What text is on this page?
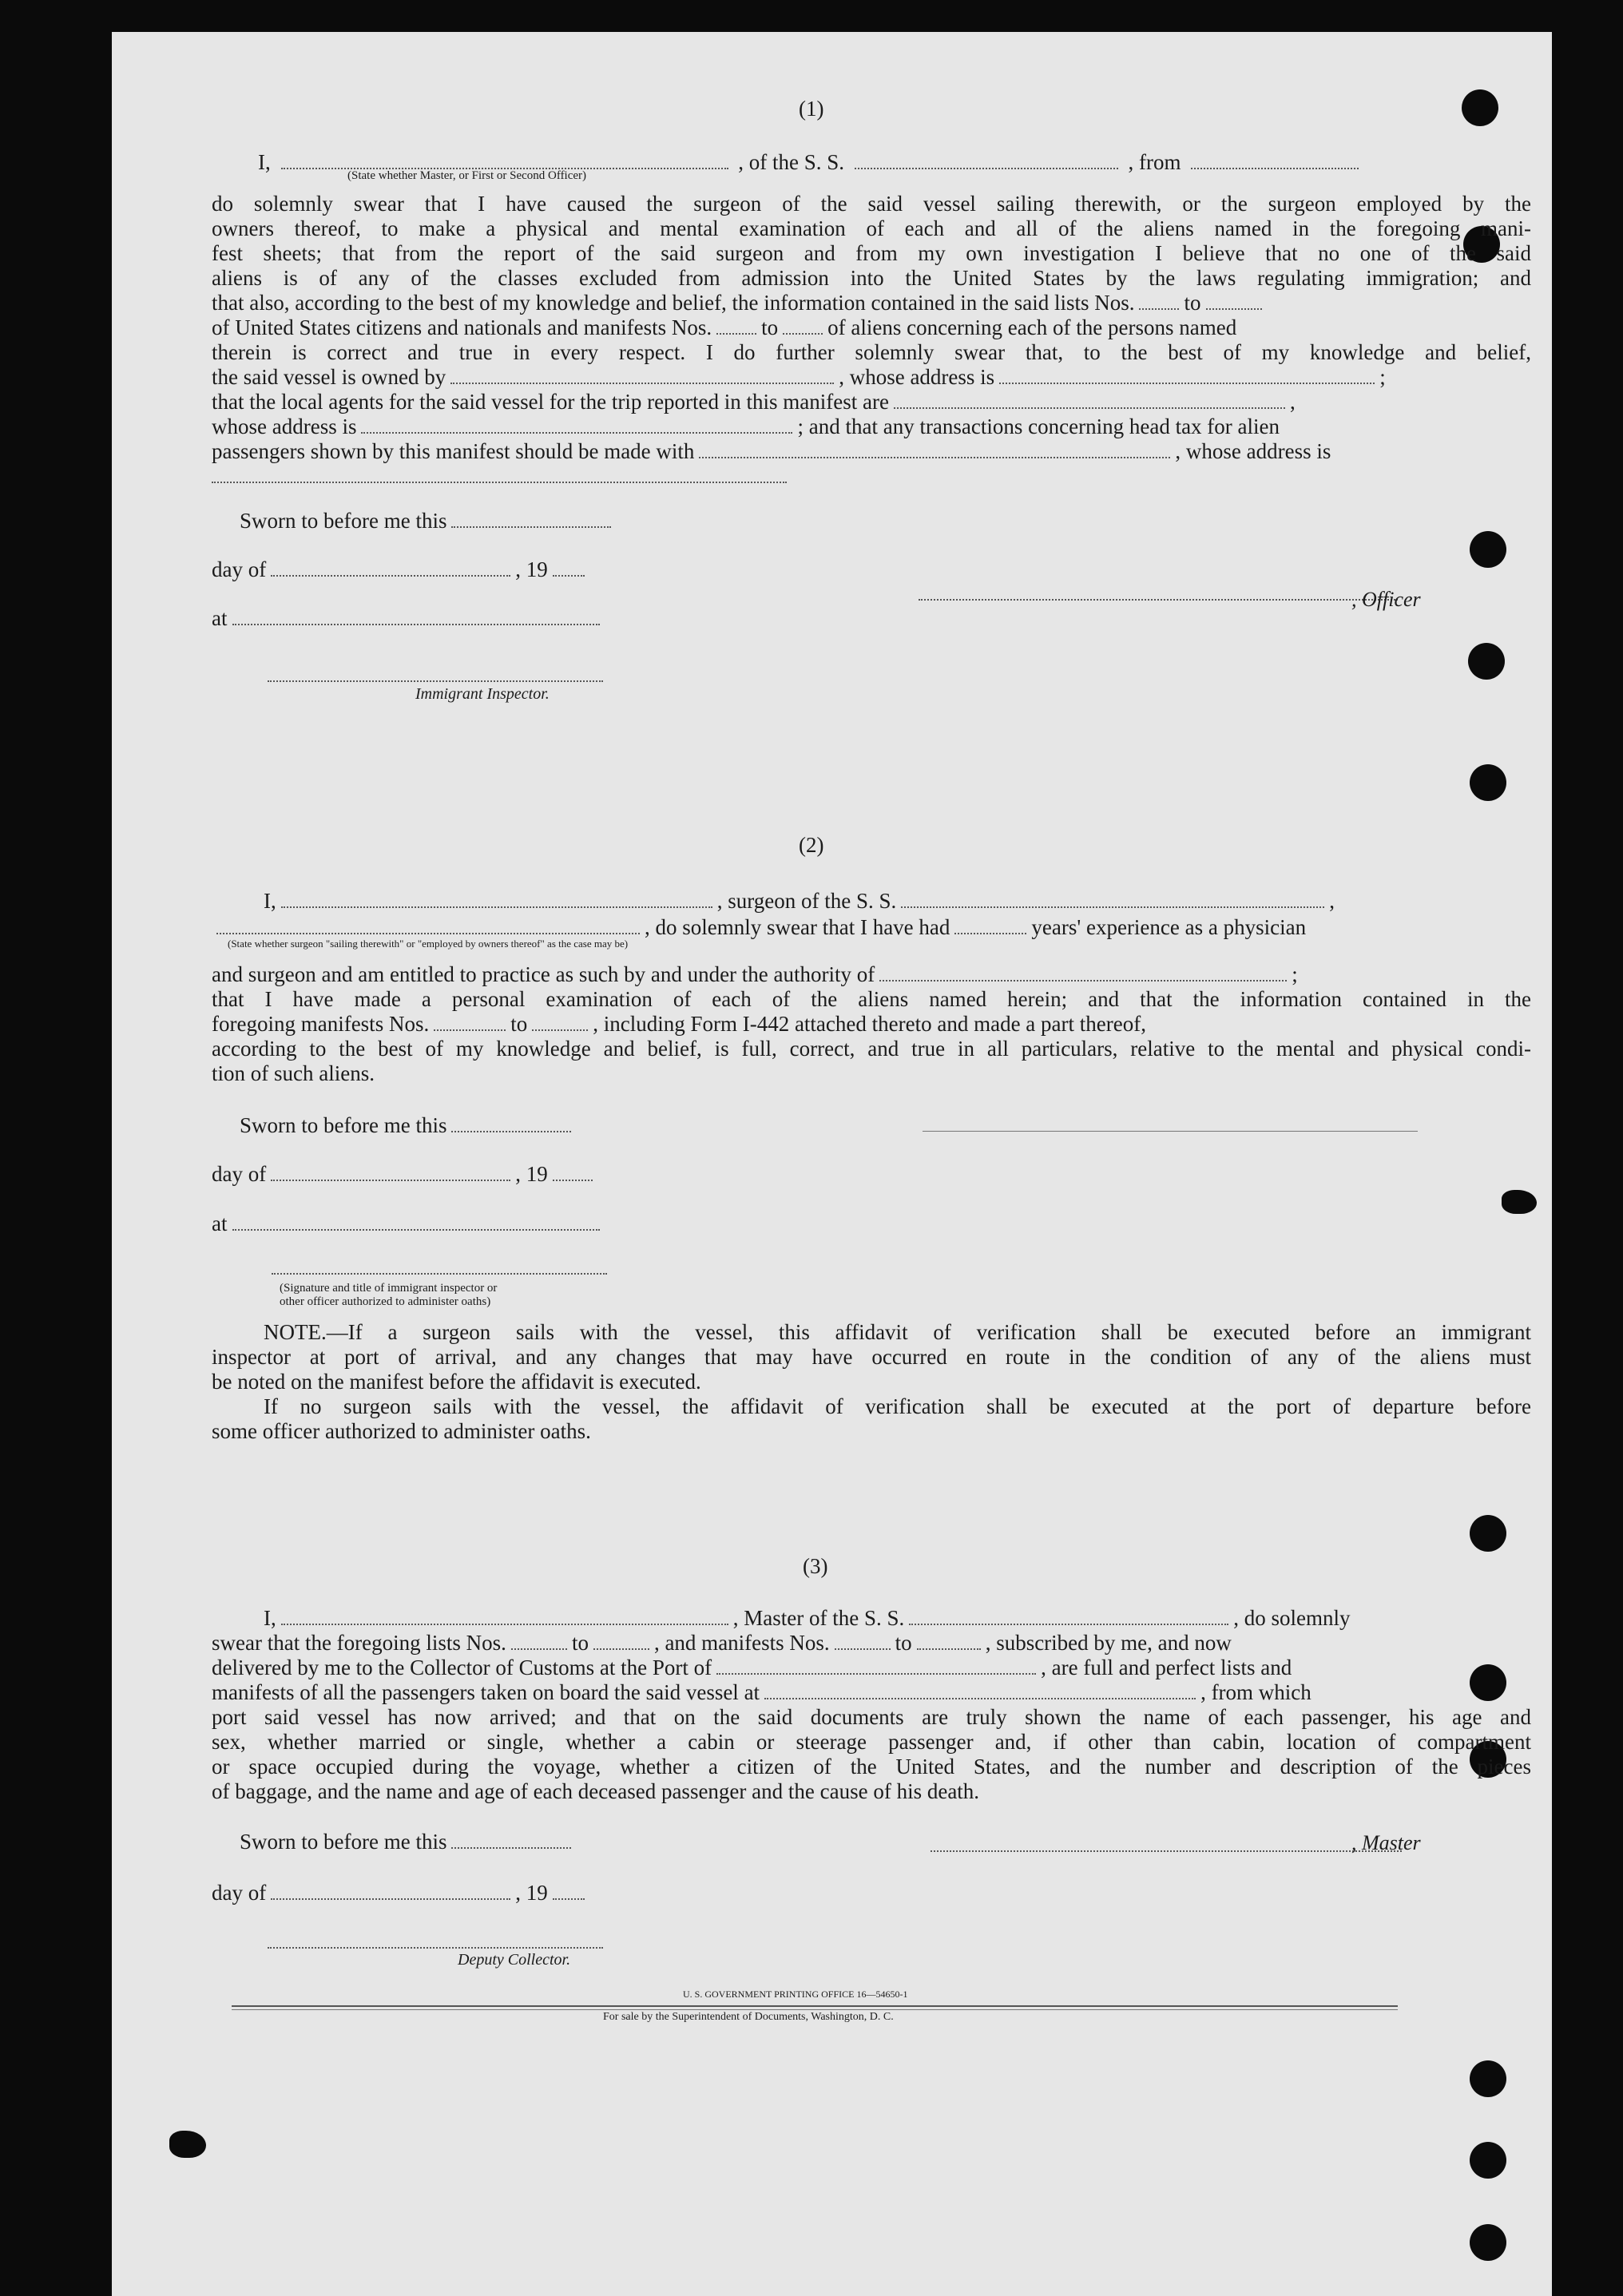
(1)
I,	, of the S. S.	, from
(State whether Master, or First or Second Officer)
do solemnly swear that I have caused the surgeon of the said vessel sailing therewith, or the surgeon employed by the
owners thereof, to make a physical and mental examination of each and all of the aliens named in the foregoing mani-
fest sheets; that from the report of the said surgeon and from my own investigation I believe that no one of the said
aliens is of any of the classes excluded from admission into the United States by the laws regulating immigration; and
that also, according to the best of my knowledge and belief, the information contained in the said lists Nos. to
of United States citizens and nationals and manifests Nos. to of aliens concerning each of the persons named
therein is correct and true in every respect. I do further solemnly swear that, to the best of my knowledge and belief,
the said vessel is owned by	, whose address is	;
that the local agents for the said vessel for the trip reported in this manifest are	,
whose address is	; and that any transactions concerning head tax for alien
passengers shown by this manifest should be made with	, whose address is
Sworn to before me this
day of	, 19
, Officer
at
Immigrant Inspector.
(2)
I,	, surgeon of the S. S.	,
, do solemnly swear that I have had	years' experience as a physician
(State whether surgeon "sailing therewith" or "employed by owners thereof" as the case may be)
and surgeon and am entitled to practice as such by and under the authority of	;
that I have made a personal examination of each of the aliens named herein; and that the information contained in the
foregoing manifests Nos.	to	, including Form I-442 attached thereto and made a part thereof,
according to the best of my knowledge and belief, is full, correct, and true in all particulars, relative to the mental and physical condi-
tion of such aliens.
Sworn to before me this
day of	, 19
at
(Signature and title of immigrant inspector or
other officer authorized to administer oaths)
NOTE.—If a surgeon sails with the vessel, this affidavit of verification shall be executed before an immigrant
inspector at port of arrival, and any changes that may have occurred en route in the condition of any of the aliens must
be noted on the manifest before the affidavit is executed.
If no surgeon sails with the vessel, the affidavit of verification shall be executed at the port of departure before
some officer authorized to administer oaths.
(3)
I,	, Master of the S. S.	, do solemnly
swear that the foregoing lists Nos.	to	, and manifests Nos.	to	, subscribed by me, and now
delivered by me to the Collector of Customs at the Port of	, are full and perfect lists and
manifests of all the passengers taken on board the said vessel at	, from which
port said vessel has now arrived; and that on the said documents are truly shown the name of each passenger, his age and
sex, whether married or single, whether a cabin or steerage passenger and, if other than cabin, location of compartment
or space occupied during the voyage, whether a citizen of the United States, and the number and description of the pieces
of baggage, and the name and age of each deceased passenger and the cause of his death.
Sworn to before me this	, Master
day of	, 19
Deputy Collector.
U. S. GOVERNMENT PRINTING OFFICE 16—54650-1
For sale by the Superintendent of Documents, Washington, D. C.
